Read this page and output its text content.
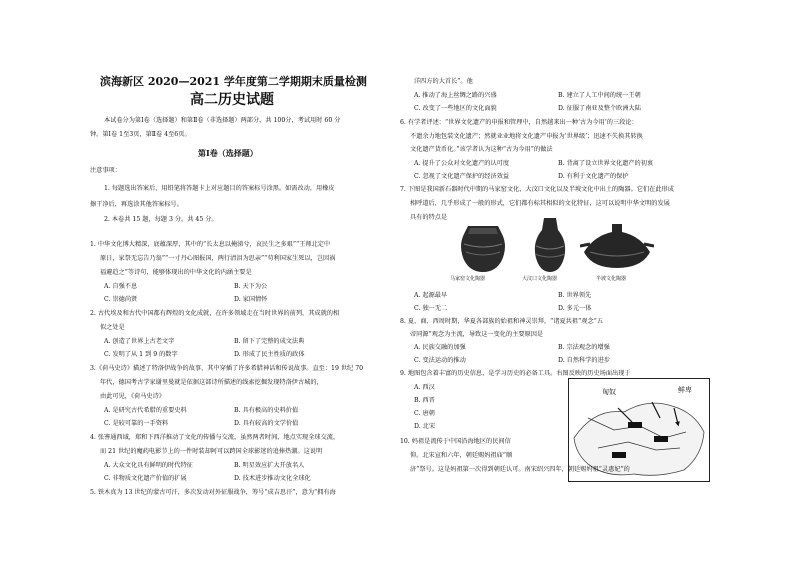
滨海新区 2020—2021 学年度第二学期期末质量检测
高二历史试题
本试卷分为第Ⅰ卷（选择题）和第Ⅱ卷（非选择题）两部分，共 100分，考试用时 60 分
钟。第Ⅰ卷 1至3页，第Ⅱ卷 4至6页。
第Ⅰ卷（选择题）
注意事项：
1. 每题选出答案后，用铅笔将答题卡上对应题目的答案标号涂黑。如需改动，用橡皮
擦干净后，再选涂其他答案标号。
2. 本卷共 15 题，每题 3 分，共 45 分。
1. 中华文化博大精深，底蕴深厚，其中的“长太息以掩涕兮，哀民生之多艰”“王师北定中
原日，家祭无忘告乃翁”“一寸丹心图报国，两行清泪为思亲”“苟利国家生死以，岂因祸
福避趋之”等诗句，能够体现出的中华文化的内涵主要是
A. 自强不息	B. 天下为公
C. 崇德尚贤	D. 家国情怀
2. 古代埃及和古代中国都有辉煌的文化成就，在许多领域走在当时世界的前列，其成就的相
似之处是
A. 创造了世界上古老文字	B. 留下了完整的成文法典
C. 发明了从 1 到 9 的数字	D. 形成了民主性质的政体
3.《荷马史诗》描述了特洛伊战争的故事，其中穿插了许多希腊神话和传说故事。直至：19 世纪 70
年代，德国考古学家谢里曼就是依据这部诗所描述的线索挖掘发现特洛伊古城的，
由此可见，《荷马史诗》
A. 是研究古代希腊的重要史料	B. 具有极高的史料价值
C. 是较可靠的一手资料	D. 具有较高的文学价值
4. 张謇通西域，郑和下西洋推动了文化的传播与交流，虽然两者时间、地点实现全球交流，
而 21 世纪的魔药电影节上的一件时装却阿可以跨国全球影迷的追捧热潮。这说明
A. 大众文化具有鲜明的时代特征	B. 明星效应扩大开放名人
C. 非物质文化遗产价值的扩展	D. 技术进步推动文化全球化
5. 铁木真为 13 世纪的蒙古可汗，多次发动对外征服战争，筹号“成吉思汗”，意为“拥有海
洋四方的大首长”。他
A. 推动了海上丝绸之路的兴盛	B. 建立了人工中间的统一王朝
C. 改变了一些地区的文化面貌	D. 征服了南亚及整个欧洲大陆
6. 有学者评述：“世界文化遗产的申报和管理中，自然越来出一种‘古为今用’的三段论：
不遗余力地包装文化遗产；然就业业地将文化遗产申报为‘世界级’；迅速不失换其转换
文化遗产货币化。”该学者认为这种“古为今用”的做法
A. 提升了公众对文化遗产的认可度	B. 背离了设立世界文化遗产的初衷
C. 忽视了文化遗产保护的经济效益	D. 有利于文化遗产的保护
7. 下图是我国新石器时代中期的马家窑文化、大汶口文化以及半坡文化中出土的陶器。它们在此形成
相呼道后，几乎形成了一般的形式，它们都有标其相似的文化特征，这可以说明中华文明的发展
具有的特点是
马家窑文化陶器	大汶口文化陶器	半坡文化陶器
A. 起源最早	B. 世界领先
C. 独一无二	D. 多元一体
8. 夏、商、西周时期，华夏各部族的始祖和神灵崇拜，“诸夏共祖”观念“五
帝同源”观念为主流，导致这一变化的主要原因是
A. 民族交融的加强	B. 宗法观念的增强
C. 变法运动的推动	D. 自然科学的进步
9. 地图包含着丰富的历史信息，是学习历史的必备工具。右图反映的历史场面出现于
A. 西汉
B. 西晋
C. 唐朝
D. 北宋
鲜卑
匈奴
10. 妈祖是流传于中国沿海地区的民间信
仰。北宋宣和六年，朝廷赐妈祖庙“顺
济”祭号。这是妈祖第一次得到朝廷认可。南宋绍兴四年，朝廷赐妈祖“灵惠妃”的
